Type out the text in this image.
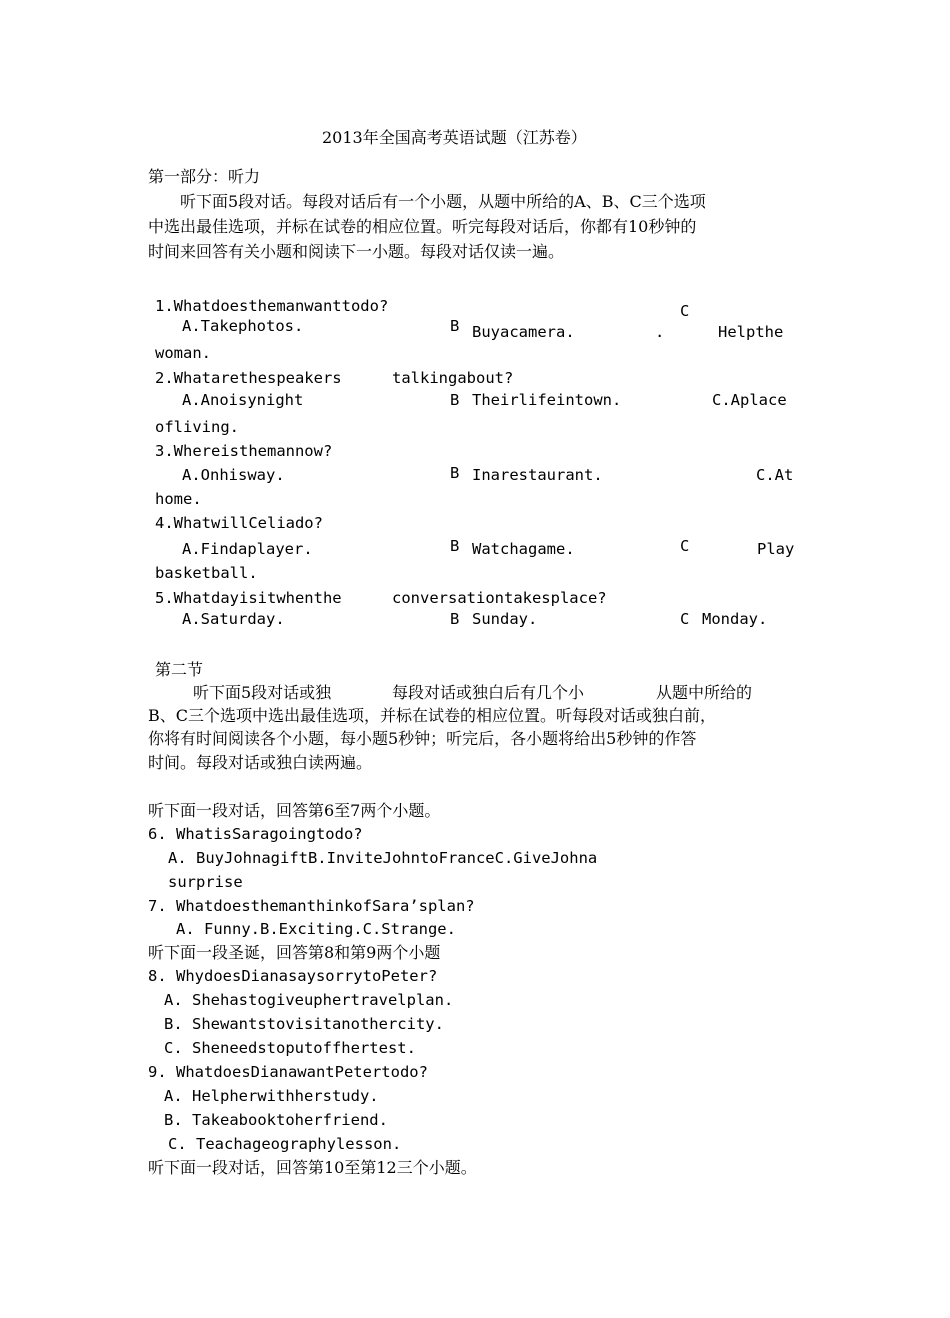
2013年全国高考英语试题（江苏卷）
第一部分：听力
听下面5段对话。每段对话后有一个小题，从题中所给的A、B、C三个选项
中选出最佳选项，并标在试卷的相应位置。听完每段对话后，你都有10秒钟的
时间来回答有关小题和阅读下一小题。每段对话仅读一遍。
1.Whatdoesthemanwanttodo?	C
A.Takephotos.	B Buyacamera.	.	Helpthe
woman.
2.Whatarethespeakers	talkingabout?
A.Anoisynight	B Theirlifeintown.	C.Aplace
ofliving.
3.Whereisthemannow?
A.Onhisway.	B Inarestaurant.	C.At
home.
4.WhatwillCeliado?
A.Findaplayer.	B Watchagame.	C	Play
basketball.
5.Whatdayisitwhenthe	conversationtakesplace?
A.Saturday.	B Sunday.	C Monday.
第二节
听下面5段对话或独	每段对话或独白后有几个小	从题中所给的
B、C三个选项中选出最佳选项，并标在试卷的相应位置。听每段对话或独白前，
你将有时间阅读各个小题，每小题5秒钟；听完后，各小题将给出5秒钟的作答
时间。每段对话或独白读两遍。
听下面一段对话，回答第6至7两个小题。
6. WhatisSaragoingtodo?
A. BuyJohnagiftB.InviteJohntoFranceC.GiveJohna
surprise
7. WhatdoesthemanthinkofSara’splan?
A. Funny.B.Exciting.C.Strange.
听下面一段圣诞，回答第8和第9两个小题
8. WhydoesDianasaysorrytoPeter?
A. Shehastogiveuphertravelplan.
B. Shewantstovisitanothercity.
C. Sheneedstoputoffhertest.
9. WhatdoesDianawantPetertodo?
A. Helpherwithherstudy.
B. Takeabooktoherfriend.
C. Teachageographylesson.
听下面一段对话，回答第10至第12三个小题。
